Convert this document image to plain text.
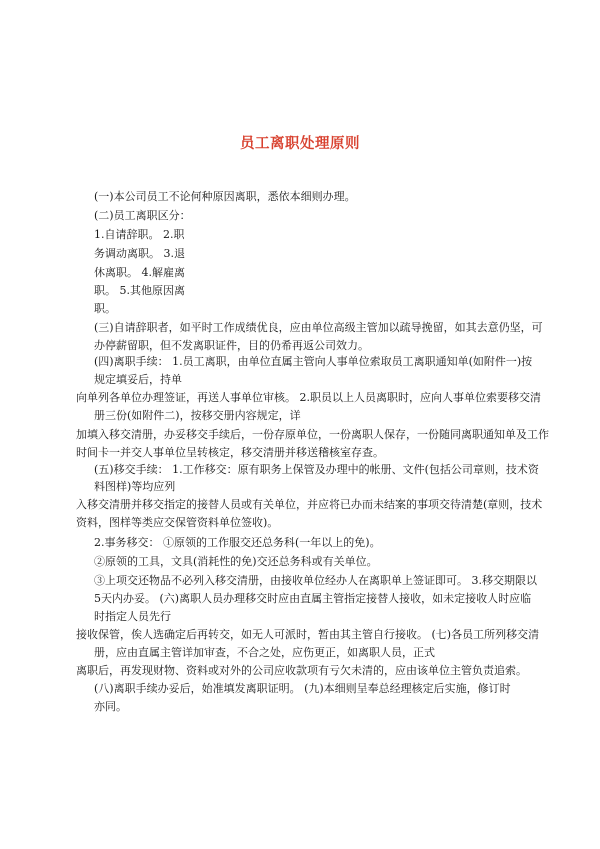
员工离职处理原则
(一)本公司员工不论何种原因离职，悉依本细则办理。
(二)员工离职区分：
1.自请辞职。 2.职
务调动离职。 3.退
休离职。 4.解雇离
职。 5.其他原因离
职。
(三)自请辞职者，如平时工作成绩优良，应由单位高级主管加以疏导挽留，如其去意仍坚，可
办停薪留职，但不发离职证件，目的仍希再返公司效力。
(四)离职手续： 1.员工离职，由单位直属主管向人事单位索取员工离职通知单(如附件一)按
规定填妥后，持单
向单列各单位办理签证，再送人事单位审核。 2.职员以上人员离职时，应向人事单位索要移交清
册三份(如附件二)，按移交册内容规定，详
加填入移交清册，办妥移交手续后，一份存原单位，一份离职人保存，一份随同离职通知单及工作
时间卡一并交人事单位呈转核定，移交清册并移送稽核室存查。
(五)移交手续： 1.工作移交：原有职务上保管及办理中的帐册、文件(包括公司章则，技术资
料图样)等均应列
入移交清册并移交指定的接替人员或有关单位，并应将已办而未结案的事项交待清楚(章则，技术
资料，图样等类应交保管资料单位签收)。
2.事务移交： ①原领的工作服交还总务科(一年以上的免)。
②原领的工具，文具(消耗性的免)交还总务科或有关单位。
③上项交还物品不必列入移交清册，由接收单位经办人在离职单上签证即可。 3.移交期限以
5天内办妥。 (六)离职人员办理移交时应由直属主管指定接替人接收，如未定接收人时应临
时指定人员先行
接收保管，俟人选确定后再转交，如无人可派时，暂由其主管自行接收。 (七)各员工所列移交清
册，应由直属主管详加审查，不合之处，应伤更正，如离职人员，正式
离职后，再发现财物、资料或对外的公司应收款项有亏欠未清的，应由该单位主管负责追索。
(八)离职手续办妥后，始准填发离职证明。 (九)本细则呈奉总经理核定后实施，修订时
亦同。
